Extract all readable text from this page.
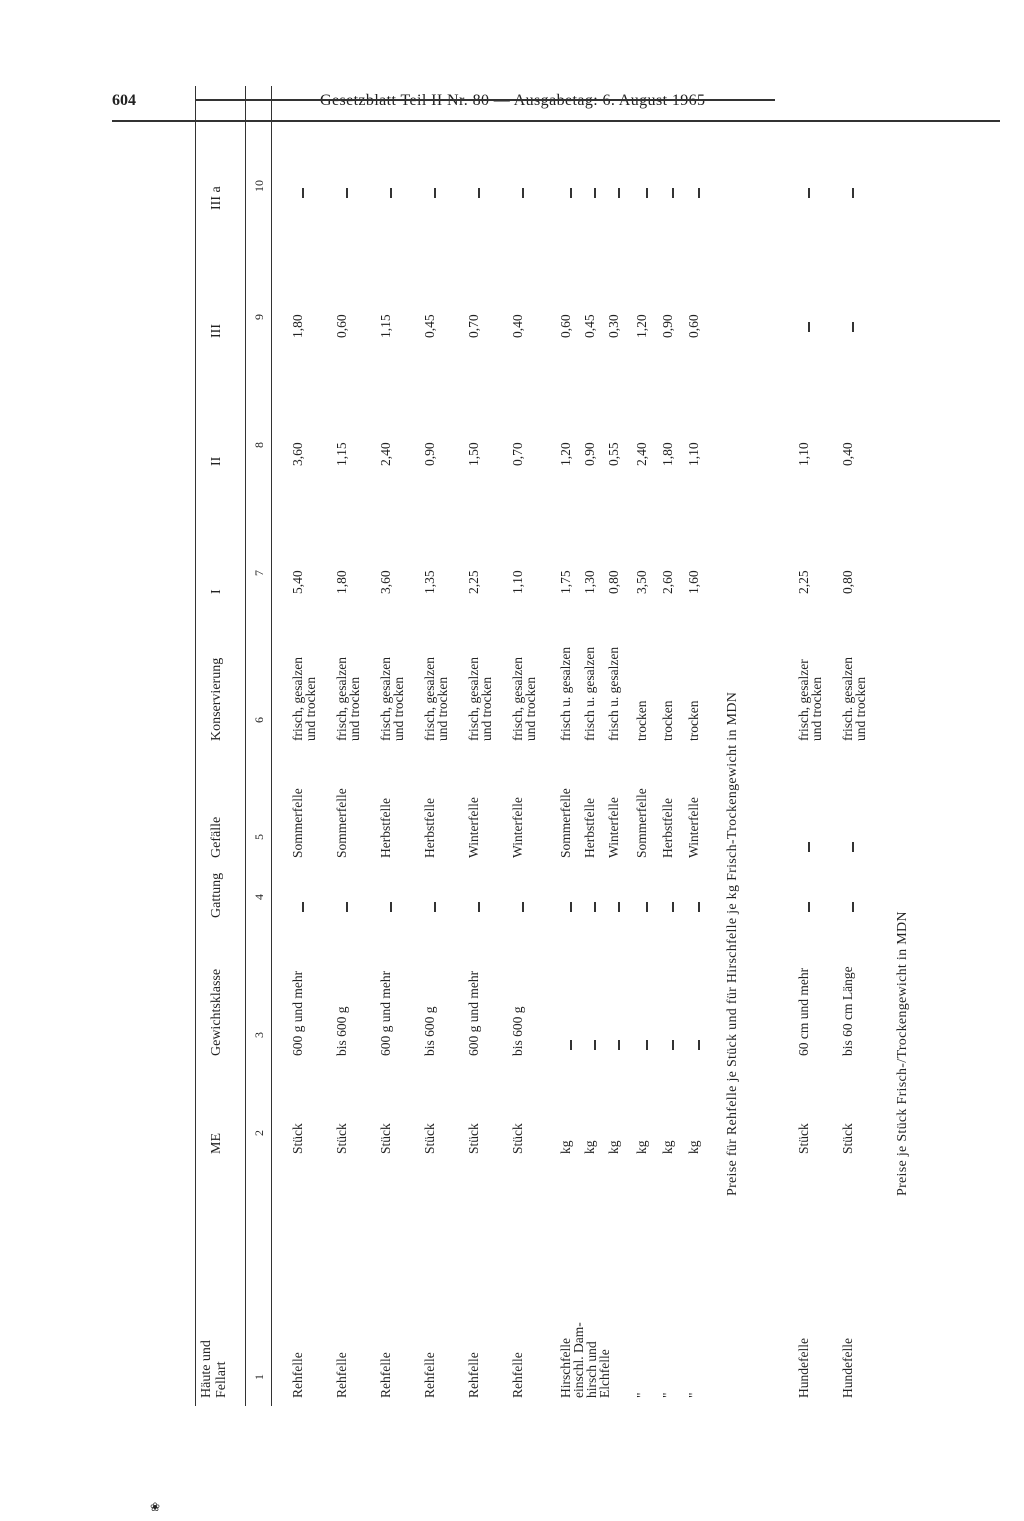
604
Häute und Fellart
ME
Gewichtsklasse
Gattung
Gefälle
Konservierung
I
II
III
III a
1
2
3
4
5
6
7
8
9
10
Rehfelle
Stück
600 g und mehr
Sommerfelle
5,40
3,60
1,80
frisch, gesalzen
und trocken
Rehfelle
Stück
bis 600 g
Sommerfelle
1,80
1,15
0,60
frisch, gesalzen
und trocken
Rehfelle
Stück
600 g und mehr
Herbstfelle
3,60
2,40
1,15
frisch, gesalzen
und trocken
Rehfelle
Stück
bis 600 g
Herbstfelle
1,35
0,90
0,45
frisch, gesalzen
und trocken
Rehfelle
Stück
600 g und mehr
Winterfelle
2,25
1,50
0,70
frisch, gesalzen
und trocken
Rehfelle
Stück
bis 600 g
Winterfelle
1,10
0,70
0,40
frisch, gesalzen
und trocken
Hirschfelle
einschl. Dam-
hirsch und
Elchfelle
kg
Sommerfelle
1,75
1,20
0,60
frisch u. gesalzen
kg
Herbstfelle
1,30
0,90
0,45
frisch u. gesalzen
kg
Winterfelle
0,80
0,55
0,30
frisch u. gesalzen
"
kg
Sommerfelle
3,50
2,40
1,20
trocken
"
kg
Herbstfelle
2,60
1,80
0,90
trocken
"
kg
Winterfelle
1,60
1,10
0,60
trocken Preise für Rehfelle je Stück und für Hirschfelle je kg Frisch-Trockengewicht in MDN
Hundefelle
Stück
60 cm und mehr
2,25
1,10
frisch, gesalzer
und trocken
Hundefelle
Stück
bis 60 cm Länge
0,80
0,40
frisch. gesalzen
und trocken
Preise je Stück Frisch-/Trockengewicht in MDN
❀
